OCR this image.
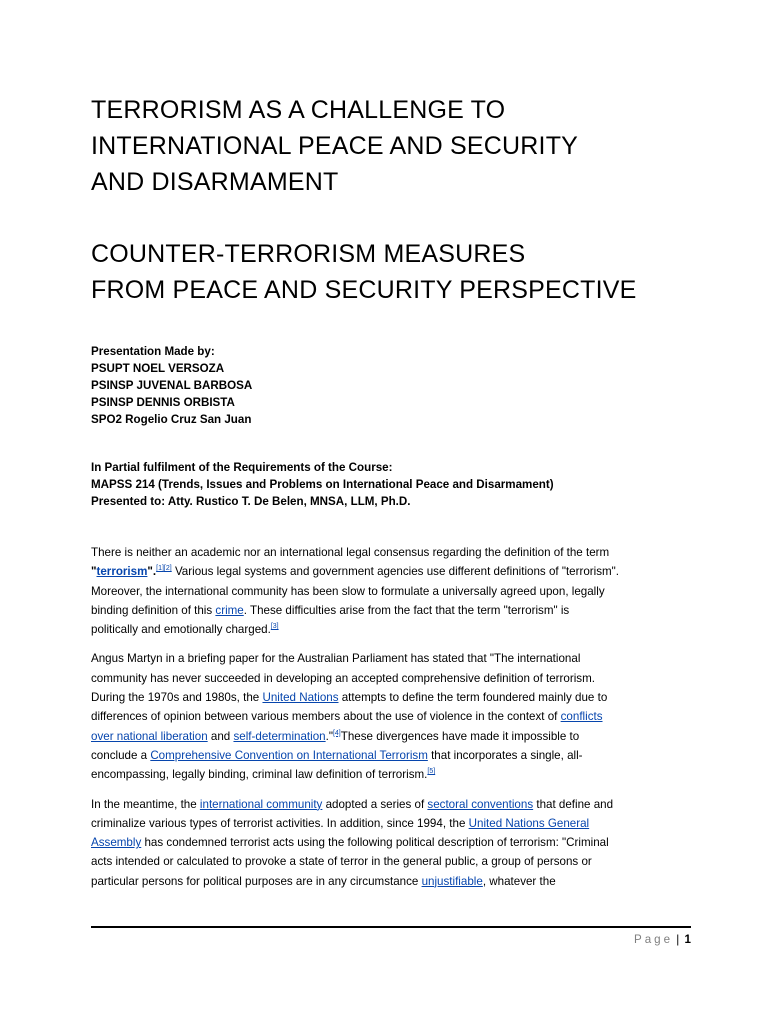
TERRORISM AS A CHALLENGE TO
INTERNATIONAL PEACE AND SECURITY
AND DISARMAMENT
COUNTER-TERRORISM MEASURES
FROM PEACE AND SECURITY PERSPECTIVE
Presentation Made by:
PSUPT NOEL VERSOZA
PSINSP JUVENAL BARBOSA
PSINSP DENNIS ORBISTA
SPO2 Rogelio Cruz San Juan
In Partial fulfilment of the Requirements of the Course:
MAPSS 214 (Trends, Issues and Problems on International Peace and Disarmament)
Presented to: Atty. Rustico T. De Belen, MNSA, LLM, Ph.D.
There is neither an academic nor an international legal consensus regarding the definition of the term
"terrorism".[1][2] Various legal systems and government agencies use different definitions of "terrorism".
Moreover, the international community has been slow to formulate a universally agreed upon, legally
binding definition of this crime. These difficulties arise from the fact that the term "terrorism" is
politically and emotionally charged.[3]
Angus Martyn in a briefing paper for the Australian Parliament has stated that "The international
community has never succeeded in developing an accepted comprehensive definition of terrorism.
During the 1970s and 1980s, the United Nations attempts to define the term foundered mainly due to
differences of opinion between various members about the use of violence in the context of conflicts
over national liberation and self-determination."[4]These divergences have made it impossible to
conclude a Comprehensive Convention on International Terrorism that incorporates a single, all-
encompassing, legally binding, criminal law definition of terrorism.[5]
In the meantime, the international community adopted a series of sectoral conventions that define and
criminalize various types of terrorist activities. In addition, since 1994, the United Nations General
Assembly has condemned terrorist acts using the following political description of terrorism: "Criminal
acts intended or calculated to provoke a state of terror in the general public, a group of persons or
particular persons for political purposes are in any circumstance unjustifiable, whatever the
Page | 1
